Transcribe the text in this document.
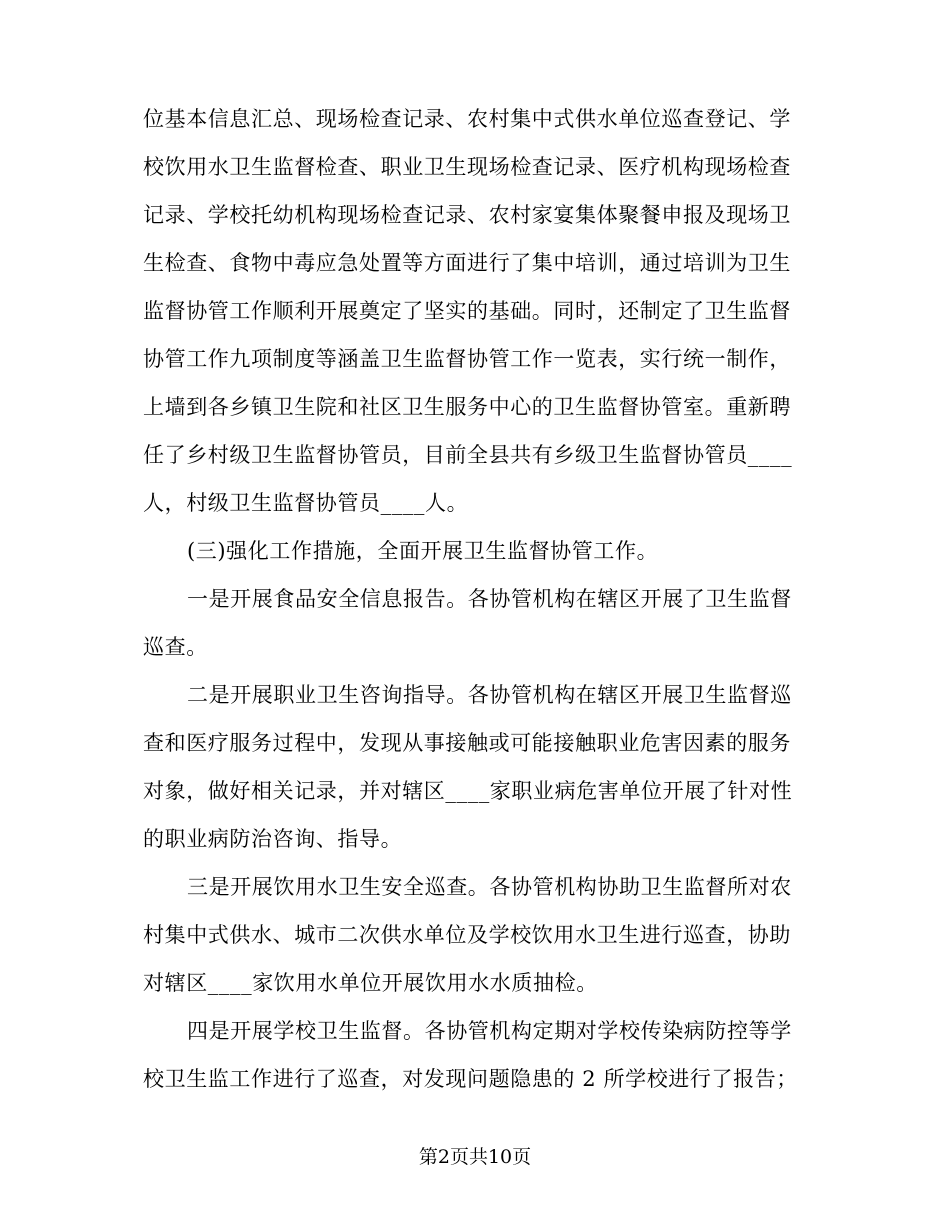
位基本信息汇总、现场检查记录、农村集中式供水单位巡查登记、学
校饮用水卫生监督检查、职业卫生现场检查记录、医疗机构现场检查
记录、学校托幼机构现场检查记录、农村家宴集体聚餐申报及现场卫
生检查、食物中毒应急处置等方面进行了集中培训，通过培训为卫生
监督协管工作顺利开展奠定了坚实的基础。同时，还制定了卫生监督
协管工作九项制度等涵盖卫生监督协管工作一览表，实行统一制作，
上墙到各乡镇卫生院和社区卫生服务中心的卫生监督协管室。重新聘
任了乡村级卫生监督协管员，目前全县共有乡级卫生监督协管员____
人，村级卫生监督协管员____人。
(三)强化工作措施，全面开展卫生监督协管工作。
一是开展食品安全信息报告。各协管机构在辖区开展了卫生监督
巡查。
二是开展职业卫生咨询指导。各协管机构在辖区开展卫生监督巡
查和医疗服务过程中，发现从事接触或可能接触职业危害因素的服务
对象，做好相关记录，并对辖区____家职业病危害单位开展了针对性
的职业病防治咨询、指导。
三是开展饮用水卫生安全巡查。各协管机构协助卫生监督所对农
村集中式供水、城市二次供水单位及学校饮用水卫生进行巡查，协助
对辖区____家饮用水单位开展饮用水水质抽检。
四是开展学校卫生监督。各协管机构定期对学校传染病防控等学
校卫生监工作进行了巡查，对发现问题隐患的 2 所学校进行了报告；
第2页共10页
